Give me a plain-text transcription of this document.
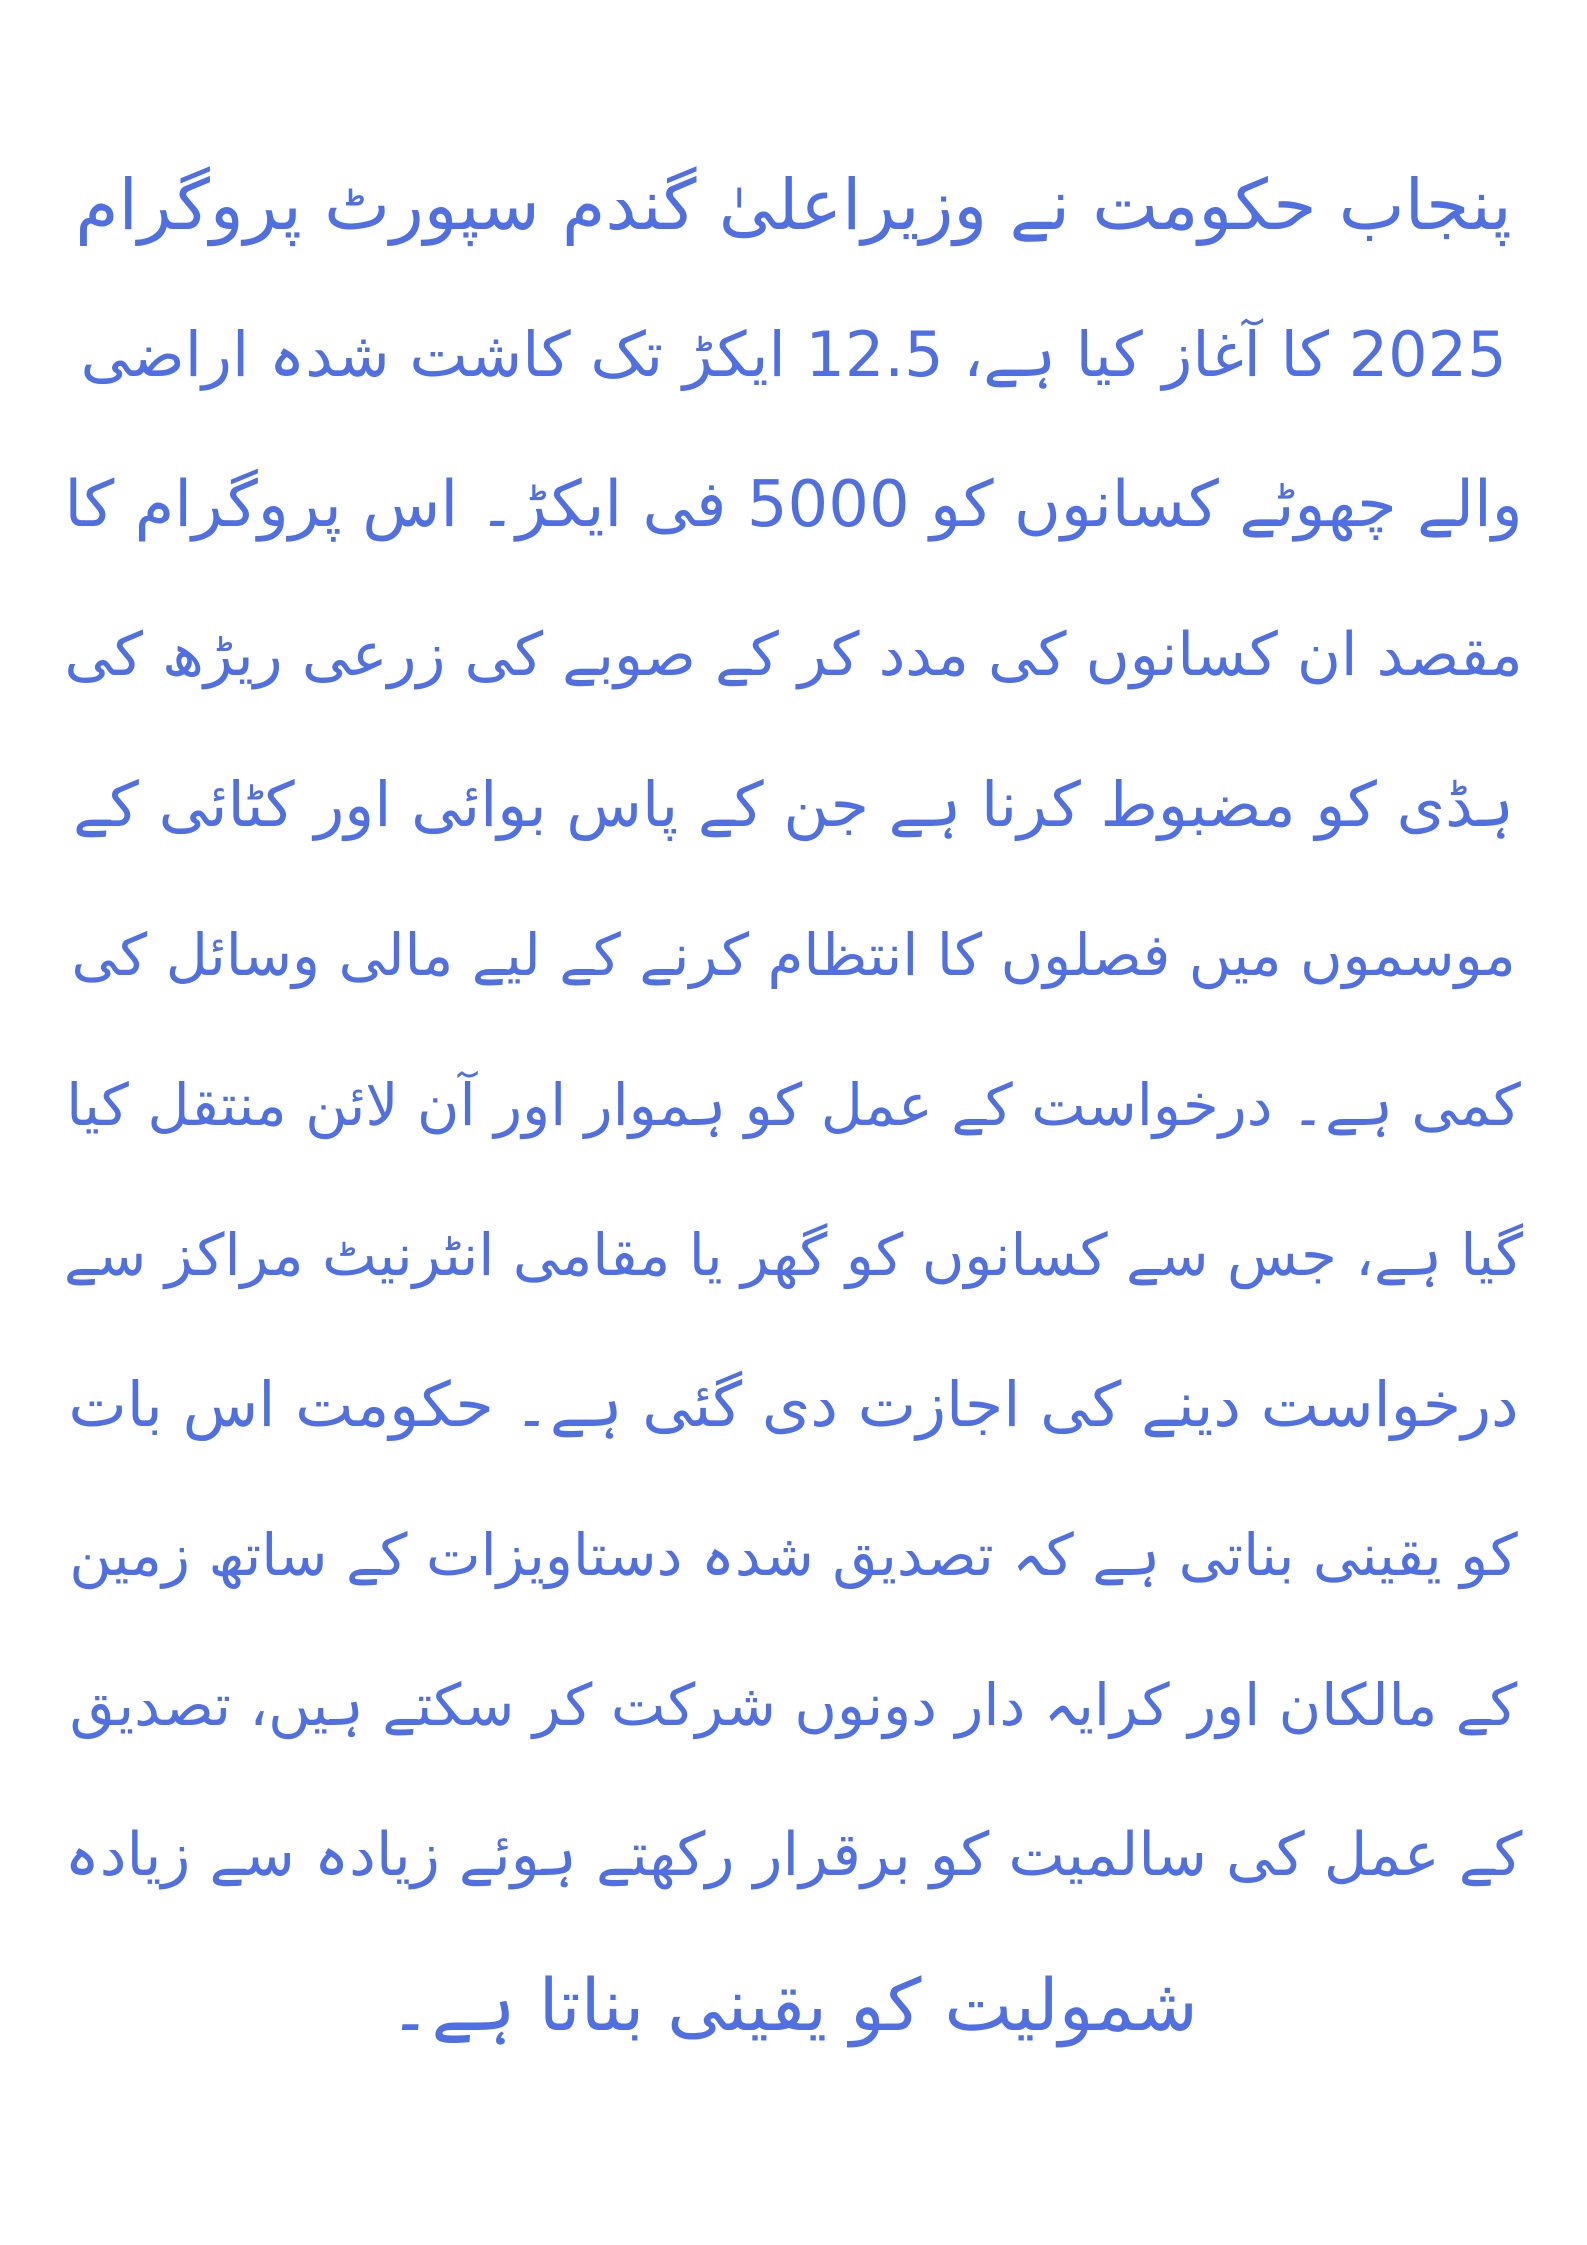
پنجاب حکومت نے وزیراعلیٰ گندم سپورٹ پروگرام
2025 کا آغاز کیا ہے، 12.5 ایکڑ تک کاشت شدہ اراضی
والے چھوٹے کسانوں کو 5000 فی ایکڑ۔ اس پروگرام کا
مقصد ان کسانوں کی مدد کر کے صوبے کی زرعی ریڑھ کی
ہڈی کو مضبوط کرنا ہے جن کے پاس بوائی اور کٹائی کے
موسموں میں فصلوں کا انتظام کرنے کے لیے مالی وسائل کی
کمی ہے۔ درخواست کے عمل کو ہموار اور آن لائن منتقل کیا
گیا ہے، جس سے کسانوں کو گھر یا مقامی انٹرنیٹ مراکز سے
درخواست دینے کی اجازت دی گئی ہے۔ حکومت اس بات
کو یقینی بناتی ہے کہ تصدیق شدہ دستاویزات کے ساتھ زمین
کے مالکان اور کرایہ دار دونوں شرکت کر سکتے ہیں، تصدیق
کے عمل کی سالمیت کو برقرار رکھتے ہوئے زیادہ سے زیادہ
شمولیت کو یقینی بناتا ہے۔
